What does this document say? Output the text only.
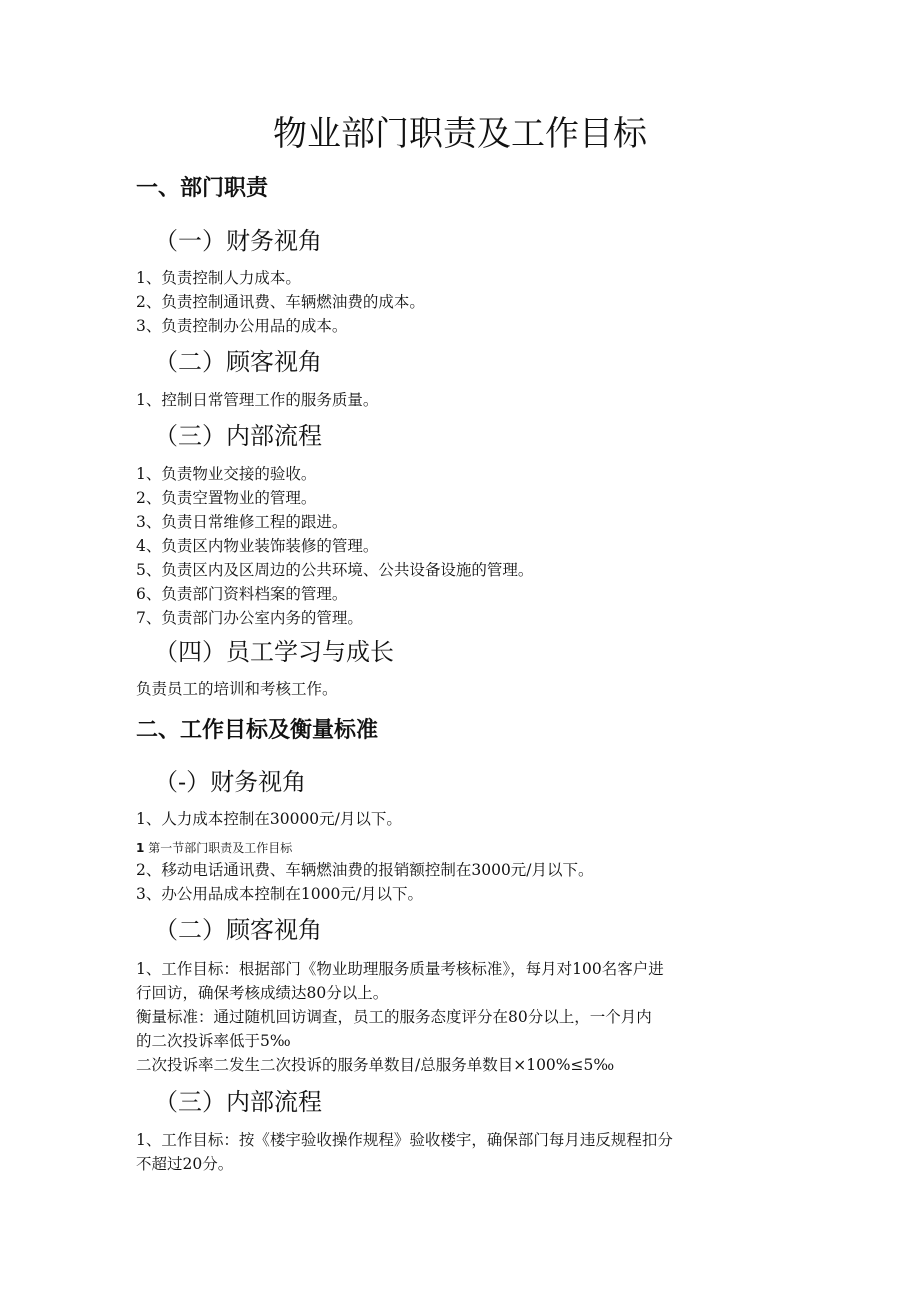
物业部门职责及工作目标
一、部门职责
（一）财务视角
1、负责控制人力成本。
2、负责控制通讯费、车辆燃油费的成本。
3、负责控制办公用品的成本。
（二）顾客视角
1、控制日常管理工作的服务质量。
（三）内部流程
1、负责物业交接的验收。
2、负责空置物业的管理。
3、负责日常维修工程的跟进。
4、负责区内物业装饰装修的管理。
5、负责区内及区周边的公共环境、公共设备设施的管理。
6、负责部门资料档案的管理。
7、负责部门办公室内务的管理。
（四）员工学习与成长
负责员工的培训和考核工作。
二、工作目标及衡量标准
（-）财务视角
1、人力成本控制在30000元/月以下。
1 第一节部门职责及工作目标
2、移动电话通讯费、车辆燃油费的报销额控制在3000元/月以下。
3、办公用品成本控制在1000元/月以下。
（二）顾客视角
1、工作目标：根据部门《物业助理服务质量考核标准》，每月对100名客户进
行回访，确保考核成绩达80分以上。
衡量标准：通过随机回访调查，员工的服务态度评分在80分以上，一个月内
的二次投诉率低于5‰
二次投诉率二发生二次投诉的服务单数目/总服务单数目×100%≤5‰
（三）内部流程
1、工作目标：按《楼宇验收操作规程》验收楼宇，确保部门每月违反规程扣分
不超过20分。
